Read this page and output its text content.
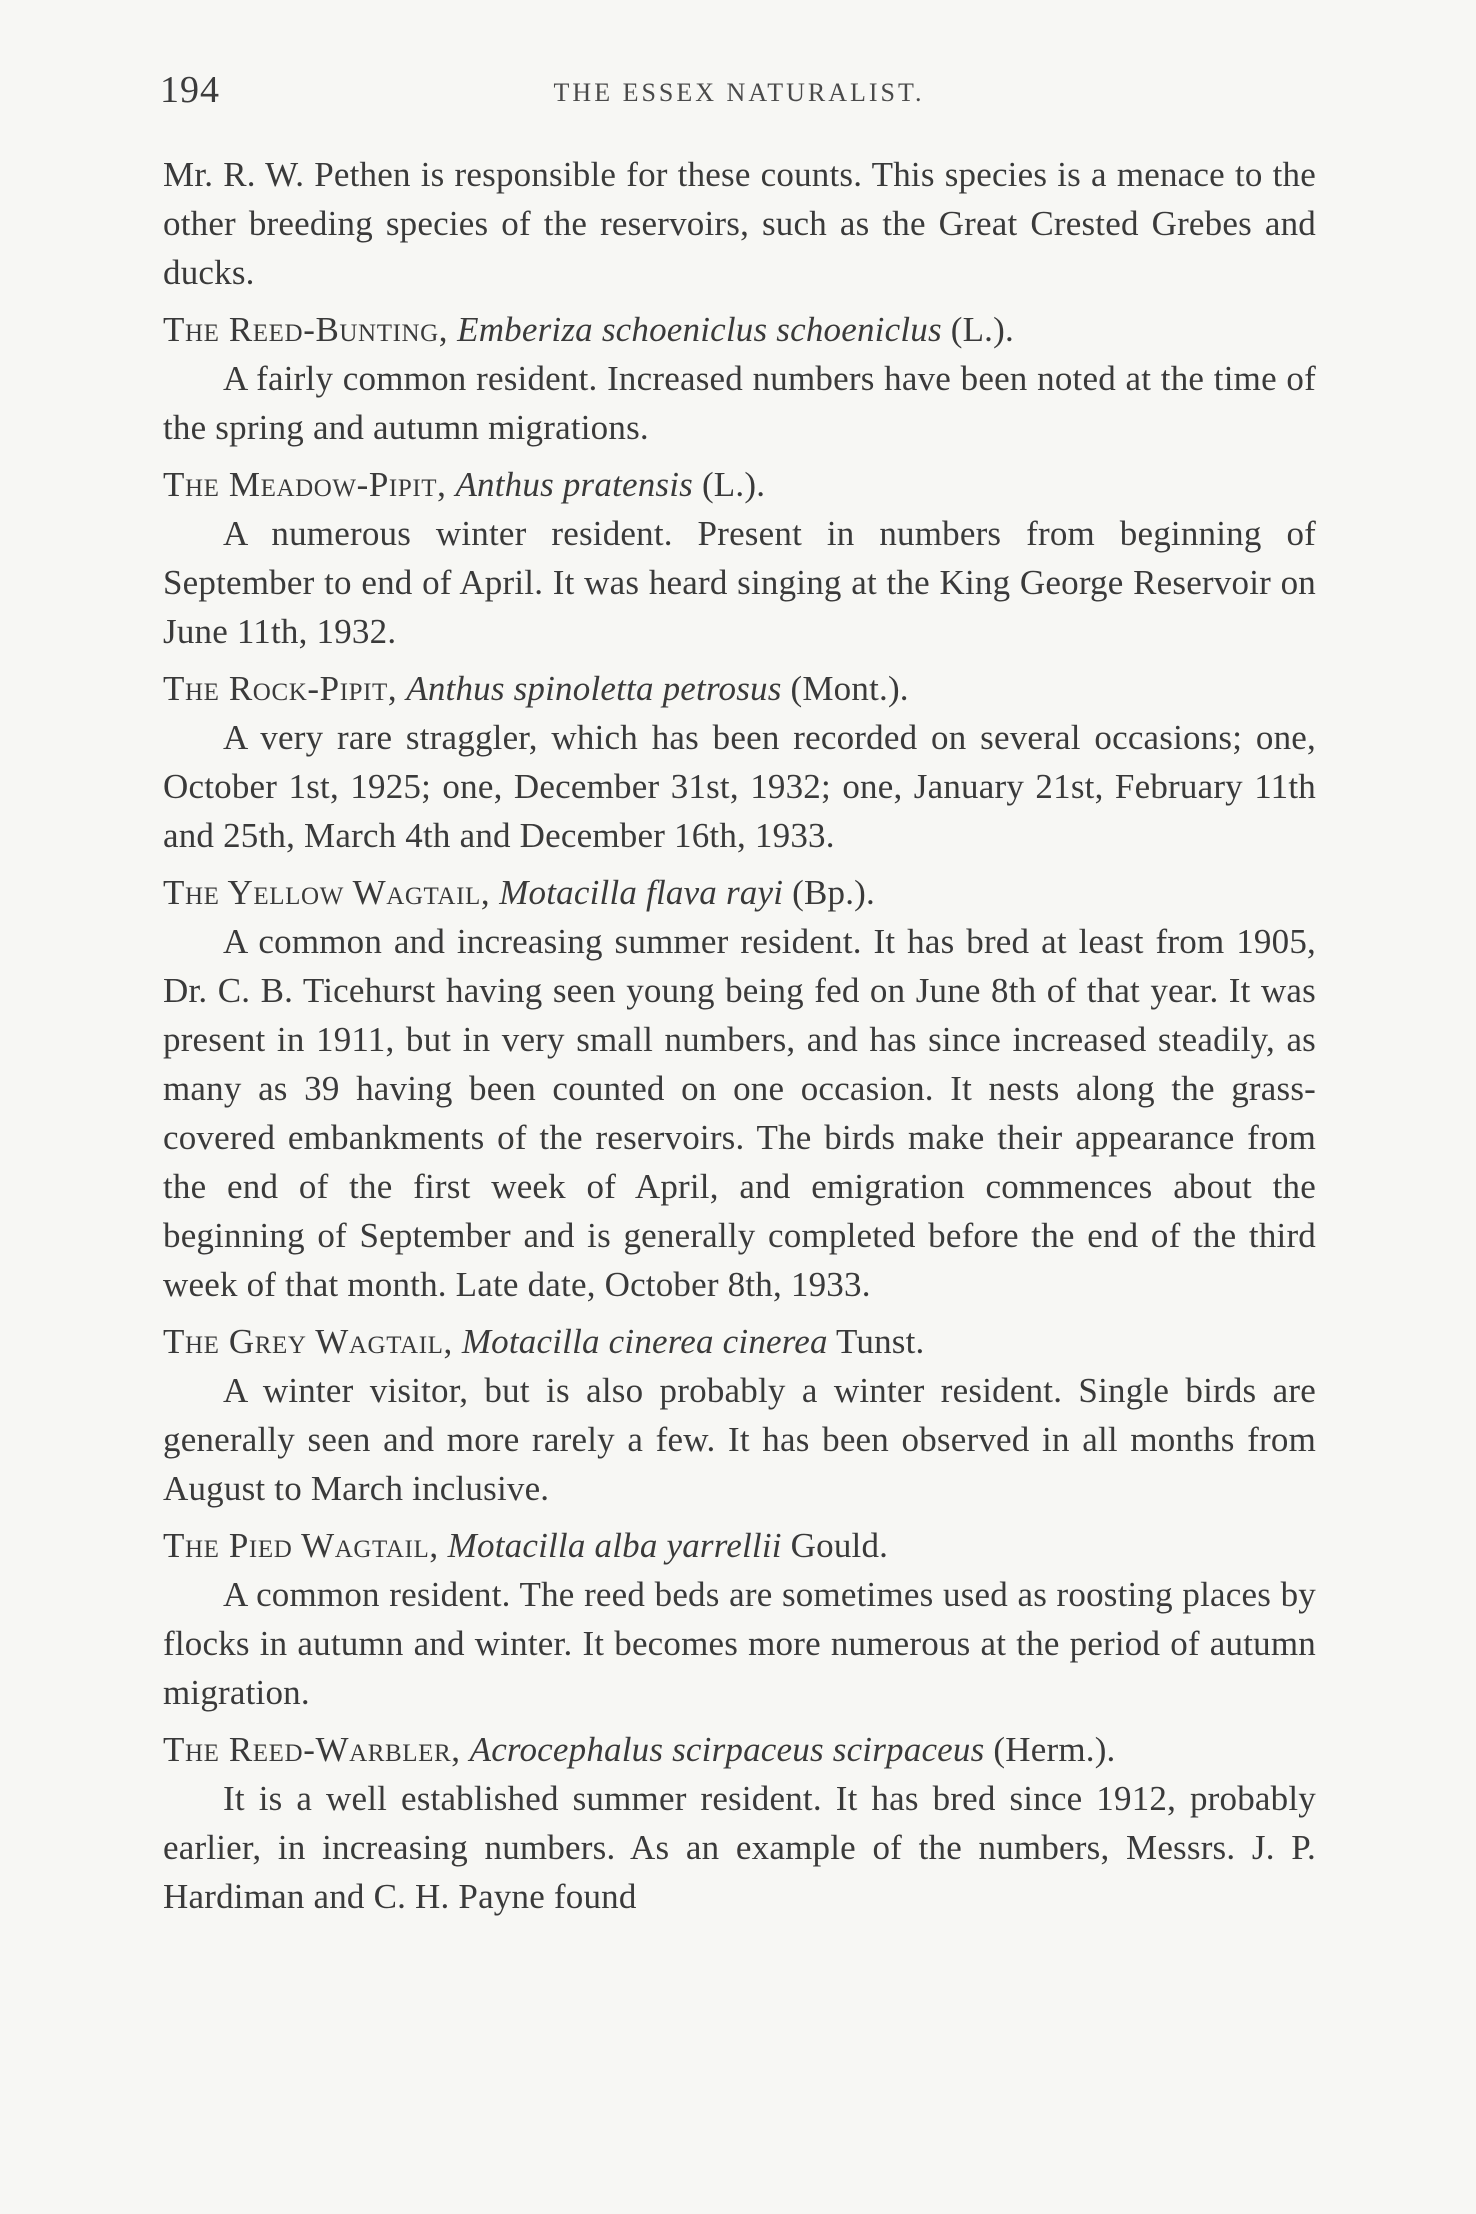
194	THE ESSEX NATURALIST.

Mr. R. W. Pethen is responsible for these counts. This species is a menace to the other breeding species of the reservoirs, such as the Great Crested Grebes and ducks.

The Reed-Bunting, Emberiza schoeniclus schoeniclus (L.).

A fairly common resident. Increased numbers have been noted at the time of the spring and autumn migrations.

The Meadow-Pipit, Anthus pratensis (L.).

A numerous winter resident. Present in numbers from beginning of September to end of April. It was heard singing at the King George Reservoir on June 11th, 1932.

The Rock-Pipit, Anthus spinoletta petrosus (Mont.).

A very rare straggler, which has been recorded on several occasions; one, October 1st, 1925; one, December 31st, 1932; one, January 21st, February 11th and 25th, March 4th and December 16th, 1933.

The Yellow Wagtail, Motacilla flava rayi (Bp.).

A common and increasing summer resident. It has bred at least from 1905, Dr. C. B. Ticehurst having seen young being fed on June 8th of that year. It was present in 1911, but in very small numbers, and has since increased steadily, as many as 39 having been counted on one occasion. It nests along the grass-covered embankments of the reservoirs. The birds make their appearance from the end of the first week of April, and emigration commences about the beginning of September and is generally completed before the end of the third week of that month. Late date, October 8th, 1933.

The Grey Wagtail, Motacilla cinerea cinerea Tunst.

A winter visitor, but is also probably a winter resident. Single birds are generally seen and more rarely a few. It has been observed in all months from August to March inclusive.

The Pied Wagtail, Motacilla alba yarrellii Gould.

A common resident. The reed beds are sometimes used as roosting places by flocks in autumn and winter. It becomes more numerous at the period of autumn migration.

The Reed-Warbler, Acrocephalus scirpaceus scirpaceus (Herm.).

It is a well established summer resident. It has bred since 1912, probably earlier, in increasing numbers. As an example of the numbers, Messrs. J. P. Hardiman and C. H. Payne found
